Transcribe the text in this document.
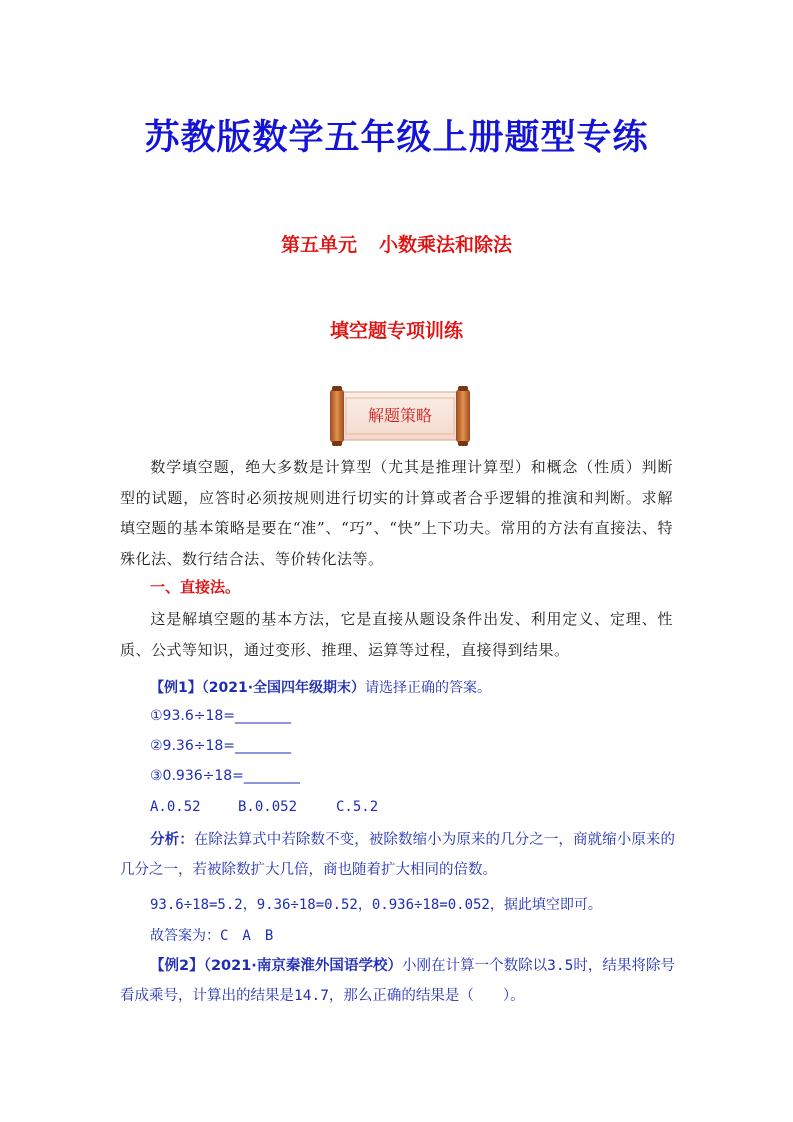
苏教版数学五年级上册题型专练
第五单元 小数乘法和除法
填空题专项训练
解题策略

数学填空题，绝大多数是计算型（尤其是推理计算型）和概念（性质）判断型的试题，应答时必须按规则进行切实的计算或者合乎逻辑的推演和判断。求解填空题的基本策略是要在“准”、“巧”、“快”上下功夫。常用的方法有直接法、特殊化法、数行结合法、等价转化法等。

一、直接法。

这是解填空题的基本方法，它是直接从题设条件出发、利用定义、定理、性质、公式等知识，通过变形、推理、运算等过程，直接得到结果。

【例1】（2021·全国四年级期末）请选择正确的答案。
①93.6÷18=________
②9.36÷18=________
③0.936÷18=________
A.0.52	B.0.052	C.5.2

分析：在除法算式中若除数不变，被除数缩小为原来的几分之一，商就缩小原来的几分之一，若被除数扩大几倍，商也随着扩大相同的倍数。

93.6÷18=5.2，9.36÷18=0.52，0.936÷18=0.052，据此填空即可。
故答案为：C　A　B

【例2】（2021·南京秦淮外国语学校）小刚在计算一个数除以3.5时，结果将除号看成乘号，计算出的结果是14.7，那么正确的结果是（　　）。
